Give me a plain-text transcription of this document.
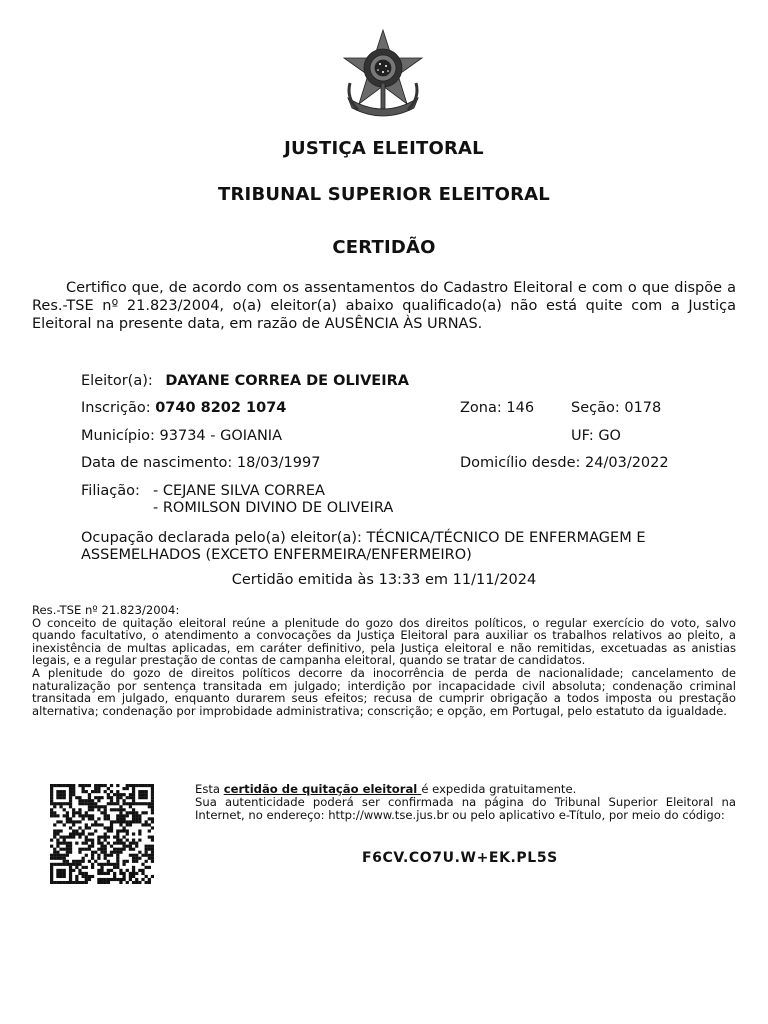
JUSTIÇA ELEITORAL
TRIBUNAL SUPERIOR ELEITORAL
CERTIDÃO
Certifico que, de acordo com os assentamentos do Cadastro Eleitoral e com o que dispõe a Res.-TSE nº 21.823/2004, o(a) eleitor(a) abaixo qualificado(a) não está quite com a Justiça Eleitoral na presente data, em razão de AUSÊNCIA ÀS URNAS.
Eleitor(a): DAYANE CORREA DE OLIVEIRA
Inscrição: 0740 8202 1074	Zona: 146	Seção: 0178
Município: 93734 - GOIANIA	UF: GO
Data de nascimento: 18/03/1997	Domicílio desde: 24/03/2022
Filiação: - CEJANE SILVA CORREA
- ROMILSON DIVINO DE OLIVEIRA
Ocupação declarada pelo(a) eleitor(a): TÉCNICA/TÉCNICO DE ENFERMAGEM E
ASSEMELHADOS (EXCETO ENFERMEIRA/ENFERMEIRO)
Certidão emitida às 13:33 em 11/11/2024
Res.-TSE nº 21.823/2004:
O conceito de quitação eleitoral reúne a plenitude do gozo dos direitos políticos, o regular exercício do voto, salvo quando facultativo, o atendimento a convocações da Justiça Eleitoral para auxiliar os trabalhos relativos ao pleito, a inexistência de multas aplicadas, em caráter definitivo, pela Justiça eleitoral e não remitidas, excetuadas as anistias legais, e a regular prestação de contas de campanha eleitoral, quando se tratar de candidatos.
A plenitude do gozo de direitos políticos decorre da inocorrência de perda de nacionalidade; cancelamento de naturalização por sentença transitada em julgado; interdição por incapacidade civil absoluta; condenação criminal transitada em julgado, enquanto durarem seus efeitos; recusa de cumprir obrigação a todos imposta ou prestação alternativa; condenação por improbidade administrativa; conscrição; e opção, em Portugal, pelo estatuto da igualdade.
Esta certidão de quitação eleitoral é expedida gratuitamente.
Sua autenticidade poderá ser confirmada na página do Tribunal Superior Eleitoral na Internet, no endereço: http://www.tse.jus.br ou pelo aplicativo e-Título, por meio do código:
F6CV.CO7U.W+EK.PL5S
